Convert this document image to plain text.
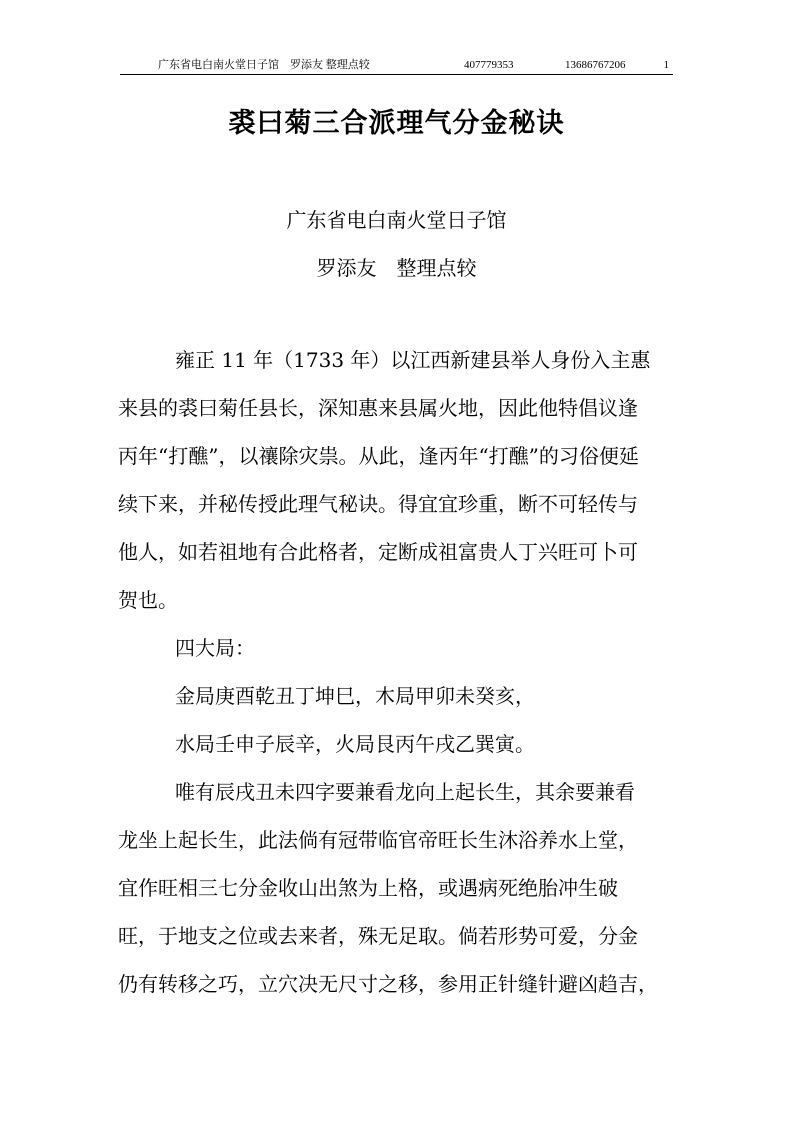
广东省电白南火堂日子馆　罗添友 整理点较	407779353	13686767206	1
裘曰菊三合派理气分金秘诀
广东省电白南火堂日子馆
罗添友　整理点较
雍正 11 年（1733 年）以江西新建县举人身份入主惠
来县的裘曰菊任县长，深知惠来县属火地，因此他特倡议逢
丙年“打醮”，以禳除灾祟。从此，逢丙年“打醮”的习俗便延
续下来，并秘传授此理气秘诀。得宜宜珍重，断不可轻传与
他人，如若祖地有合此格者，定断成祖富贵人丁兴旺可卜可
贺也。
四大局：
金局庚酉乾丑丁坤巳，木局甲卯未癸亥，
水局壬申子辰辛，火局艮丙午戌乙巽寅。
唯有辰戌丑未四字要兼看龙向上起长生，其余要兼看
龙坐上起长生，此法倘有冠带临官帝旺长生沐浴养水上堂，
宜作旺相三七分金收山出煞为上格，或遇病死绝胎冲生破
旺，于地支之位或去来者，殊无足取。倘若形势可爱，分金
仍有转移之巧，立穴决无尺寸之移，参用正针缝针避凶趋吉，
